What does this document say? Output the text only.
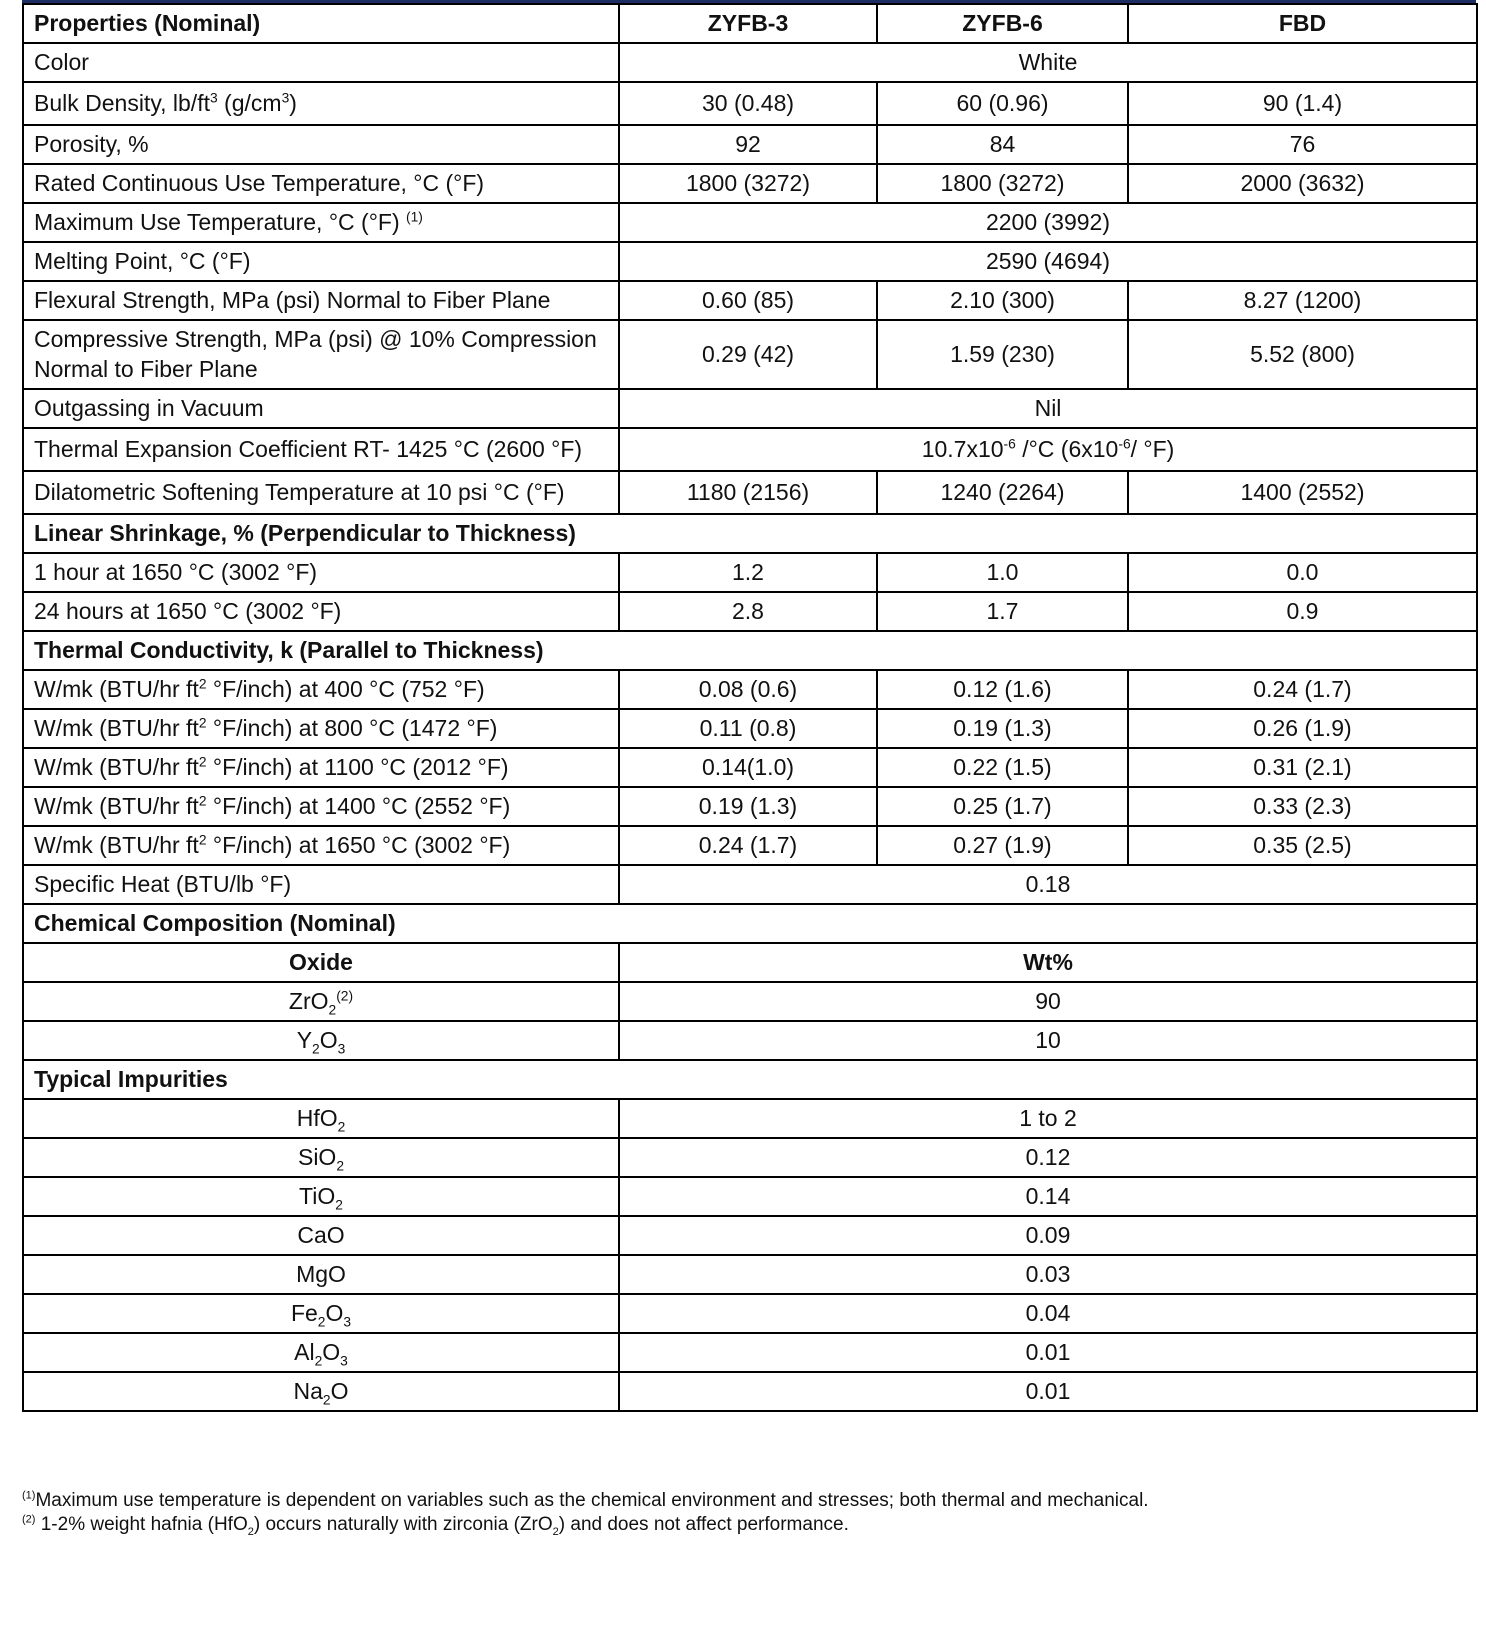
Properties (Nominal)	ZYFB-3	ZYFB-6	FBD
Color	White		
Bulk Density, $lb/ft^3$ $(g/cm^3)$	30 (0.48)	60 (0.96)	90 (1.4)
Porosity, %	92	84	76
Rated Continuous Use Temperature, °C (°F)	1800 (3272)	1800 (3272)	2000 (3632)
Maximum Use Temperature, °C (°F) $^{(1)}$	2200 (3992)		
Melting Point, °C (°F)	2590 (4694)		
Flexural Strength, MPa (psi) Normal to Fiber Plane	0.60 (85)	2.10 (300)	8.27 (1200)
Compressive Strength, MPa (psi) @ 10% Compression Normal to Fiber Plane	0.29 (42)	1.59 (230)	5.52 (800)
Outgassing in Vacuum	Nil		
Thermal Expansion Coefficient RT- 1425 °C (2600 °F)	$10.7x10^{-6}$ /°C ($6x10^{-6}/$ °F)		
Dilatometric Softening Temperature at 10 psi °C (°F)	1180 (2156)	1240 (2264)	1400 (2552)
Linear Shrinkage, % (Perpendicular to Thickness)			
1 hour at 1650 °C (3002 °F)	1.2	1.0	0.0
24 hours at 1650 °C (3002 °F)	2.8	1.7	0.9
Thermal Conductivity, k (Parallel to Thickness)			
W/mk (BTU/hr $ft^2$ °F/inch) at 400 °C (752 °F)	0.08 (0.6)	0.12 (1.6)	0.24 (1.7)
W/mk (BTU/hr $ft^2$ °F/inch) at 800 °C (1472 °F)	0.11 (0.8)	0.19 (1.3)	0.26 (1.9)
W/mk (BTU/hr $ft^2$ °F/inch) at 1100 °C (2012 °F)	0.14(1.0)	0.22 (1.5)	0.31 (2.1)
W/mk (BTU/hr $ft^2$ °F/inch) at 1400 °C (2552 °F)	0.19 (1.3)	0.25 (1.7)	0.33 (2.3)
W/mk (BTU/hr $ft^2$ °F/inch) at 1650 °C (3002 °F)	0.24 (1.7)	0.27 (1.9)	0.35 (2.5)
Specific Heat (BTU/lb °F)	0.18		
Chemical Composition (Nominal)			
Oxide	Wt%		
ZrO$_2^{(2)}$	90		
$Y_2O_3$	10		
Typical Impurities			
HfO$_2$	1 to 2		
SiO$_2$	0.12		
TiO$_2$	0.14		
CaO	0.09		
MgO	0.03		
$Fe_2O_3$	0.04		
$Al_2O_3$	0.01		
$Na_2O$	0.01		
$^{(1)}$Maximum use temperature is dependent on variables such as the chemical environment and stresses; both thermal and mechanical.
$^{(2)}$ 1-2% weight hafnia (HfO$_2$) occurs naturally with zirconia (ZrO$_2$) and does not affect performance.
